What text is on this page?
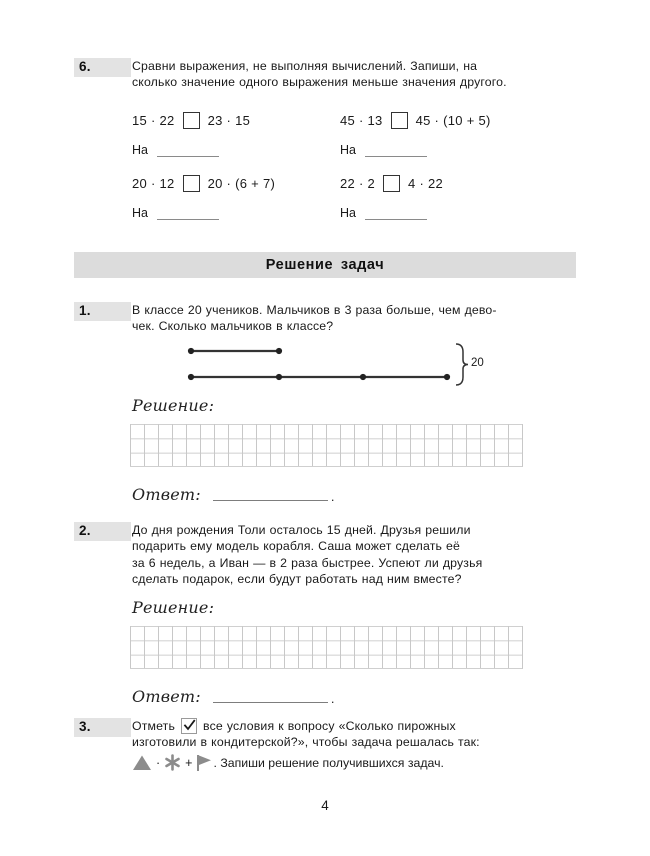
6.	Сравни выражения, не выполняя вычислений. Запиши, на
сколько значение одного выражения меньше значения другого.
15 · 22	23 · 15	45 · 13	45 · (10 + 5)
На	На
20 · 12	20 · (6 + 7)	22 · 2	4 · 22
На	На
Решение задач
1.	В классе 20 учеников. Мальчиков в 3 раза больше, чем дево-
чек. Сколько мальчиков в классе?
20
Решение:
Ответ:	.
2.	До дня рождения Толи осталось 15 дней. Друзья решили
подарить ему модель корабля. Саша может сделать её
за 6 недель, а Иван — в 2 раза быстрее. Успеют ли друзья
сделать подарок, если будут работать над ним вместе?
Решение:
Ответ:	.
3.	Отметь все условия к вопросу «Сколько пирожных
изготовили в кондитерской?», чтобы задача решалась так:
· + . Запиши решение получившихся задач.
4
